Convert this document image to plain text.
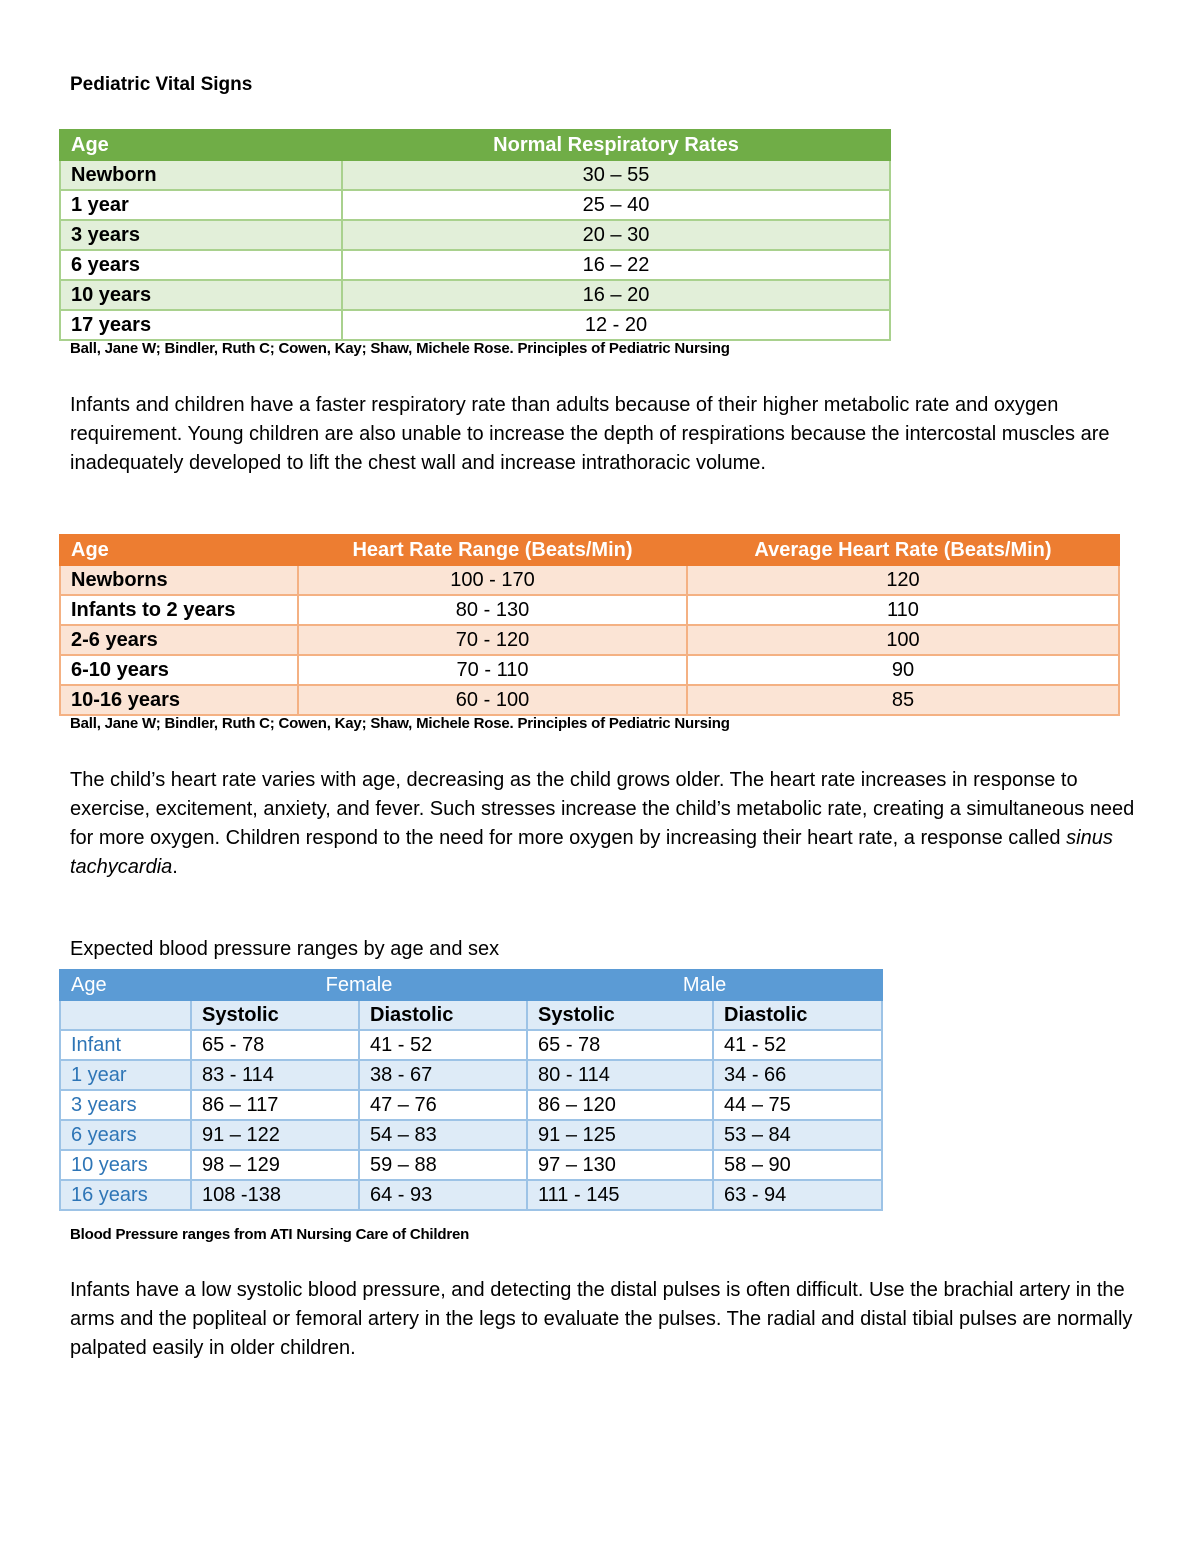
Pediatric Vital Signs
Age	Normal Respiratory Rates
Newborn	30 – 55
1 year	25 – 40
3 years	20 – 30
6 years	16 – 22
10 years	16 – 20
17 years	12 - 20
Ball, Jane W; Bindler, Ruth C; Cowen, Kay; Shaw, Michele Rose. Principles of Pediatric Nursing

Infants and children have a faster respiratory rate than adults because of their higher metabolic rate and oxygen requirement. Young children are also unable to increase the depth of respirations because the intercostal muscles are inadequately developed to lift the chest wall and increase intrathoracic volume.

Age	Heart Rate Range (Beats/Min)	Average Heart Rate (Beats/Min)
Newborns	100 - 170	120
Infants to 2 years	80 - 130	110
2-6 years	70 - 120	100
6-10 years	70 - 110	90
10-16 years	60 - 100	85
Ball, Jane W; Bindler, Ruth C; Cowen, Kay; Shaw, Michele Rose. Principles of Pediatric Nursing

The child’s heart rate varies with age, decreasing as the child grows older. The heart rate increases in response to exercise, excitement, anxiety, and fever. Such stresses increase the child’s metabolic rate, creating a simultaneous need for more oxygen. Children respond to the need for more oxygen by increasing their heart rate, a response called sinus tachycardia.

Expected blood pressure ranges by age and sex
Age	Female		Male	
	Systolic	Diastolic	Systolic	Diastolic
Infant	65 - 78	41 - 52	65 - 78	41 - 52
1 year	83 - 114	38 - 67	80 - 114	34 - 66
3 years	86 – 117	47 – 76	86 – 120	44 – 75
6 years	91 – 122	54 – 83	91 – 125	53 – 84
10 years	98 – 129	59 – 88	97 – 130	58 – 90
16 years	108 -138	64 - 93	111 - 145	63 - 94
Blood Pressure ranges from ATI Nursing Care of Children

Infants have a low systolic blood pressure, and detecting the distal pulses is often difficult. Use the brachial artery in the arms and the popliteal or femoral artery in the legs to evaluate the pulses. The radial and distal tibial pulses are normally palpated easily in older children.
